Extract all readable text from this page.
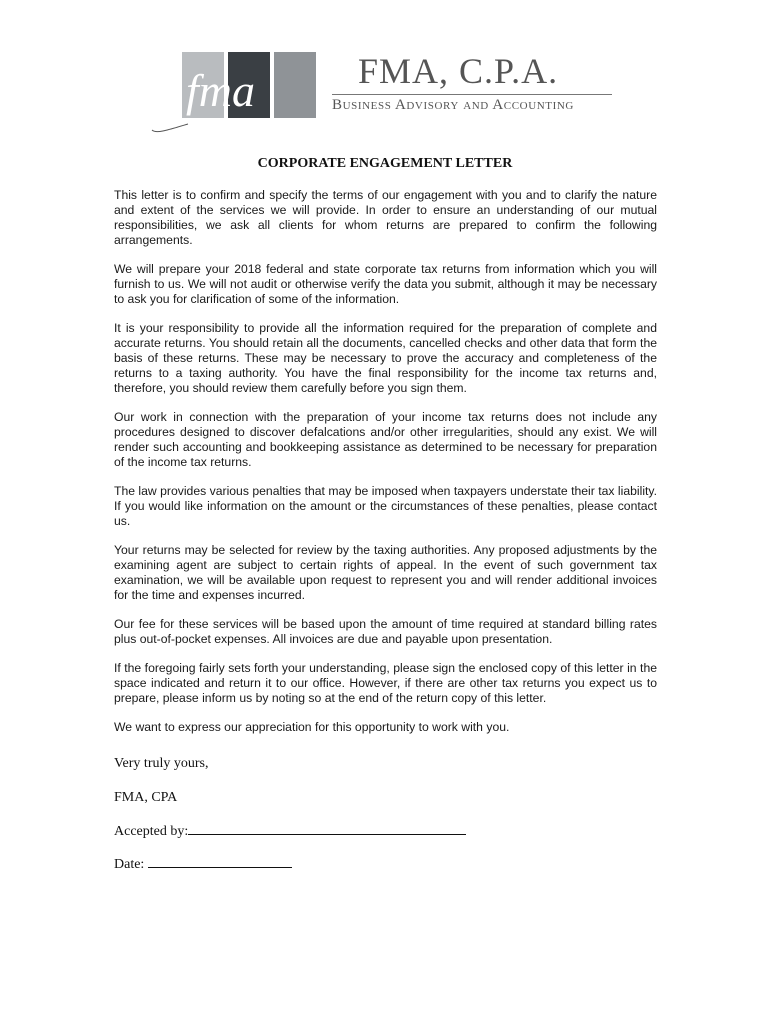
fma	FMA, C.P.A.
Business Advisory and Accounting
CORPORATE ENGAGEMENT LETTER

This letter is to confirm and specify the terms of our engagement with you and to clarify the nature and extent of the services we will provide. In order to ensure an understanding of our mutual responsibilities, we ask all clients for whom returns are prepared to confirm the following arrangements.

We will prepare your 2018 federal and state corporate tax returns from information which you will furnish to us. We will not audit or otherwise verify the data you submit, although it may be necessary to ask you for clarification of some of the information.

It is your responsibility to provide all the information required for the preparation of complete and accurate returns. You should retain all the documents, cancelled checks and other data that form the basis of these returns. These may be necessary to prove the accuracy and completeness of the returns to a taxing authority. You have the final responsibility for the income tax returns and, therefore, you should review them carefully before you sign them.

Our work in connection with the preparation of your income tax returns does not include any procedures designed to discover defalcations and/or other irregularities, should any exist. We will render such accounting and bookkeeping assistance as determined to be necessary for preparation of the income tax returns.

The law provides various penalties that may be imposed when taxpayers understate their tax liability. If you would like information on the amount or the circumstances of these penalties, please contact us.

Your returns may be selected for review by the taxing authorities. Any proposed adjustments by the examining agent are subject to certain rights of appeal. In the event of such government tax examination, we will be available upon request to represent you and will render additional invoices for the time and expenses incurred.

Our fee for these services will be based upon the amount of time required at standard billing rates plus out-of-pocket expenses. All invoices are due and payable upon presentation.

If the foregoing fairly sets forth your understanding, please sign the enclosed copy of this letter in the space indicated and return it to our office. However, if there are other tax returns you expect us to prepare, please inform us by noting so at the end of the return copy of this letter.

We want to express our appreciation for this opportunity to work with you.

Very truly yours,
FMA, CPA
Accepted by:
Date:
